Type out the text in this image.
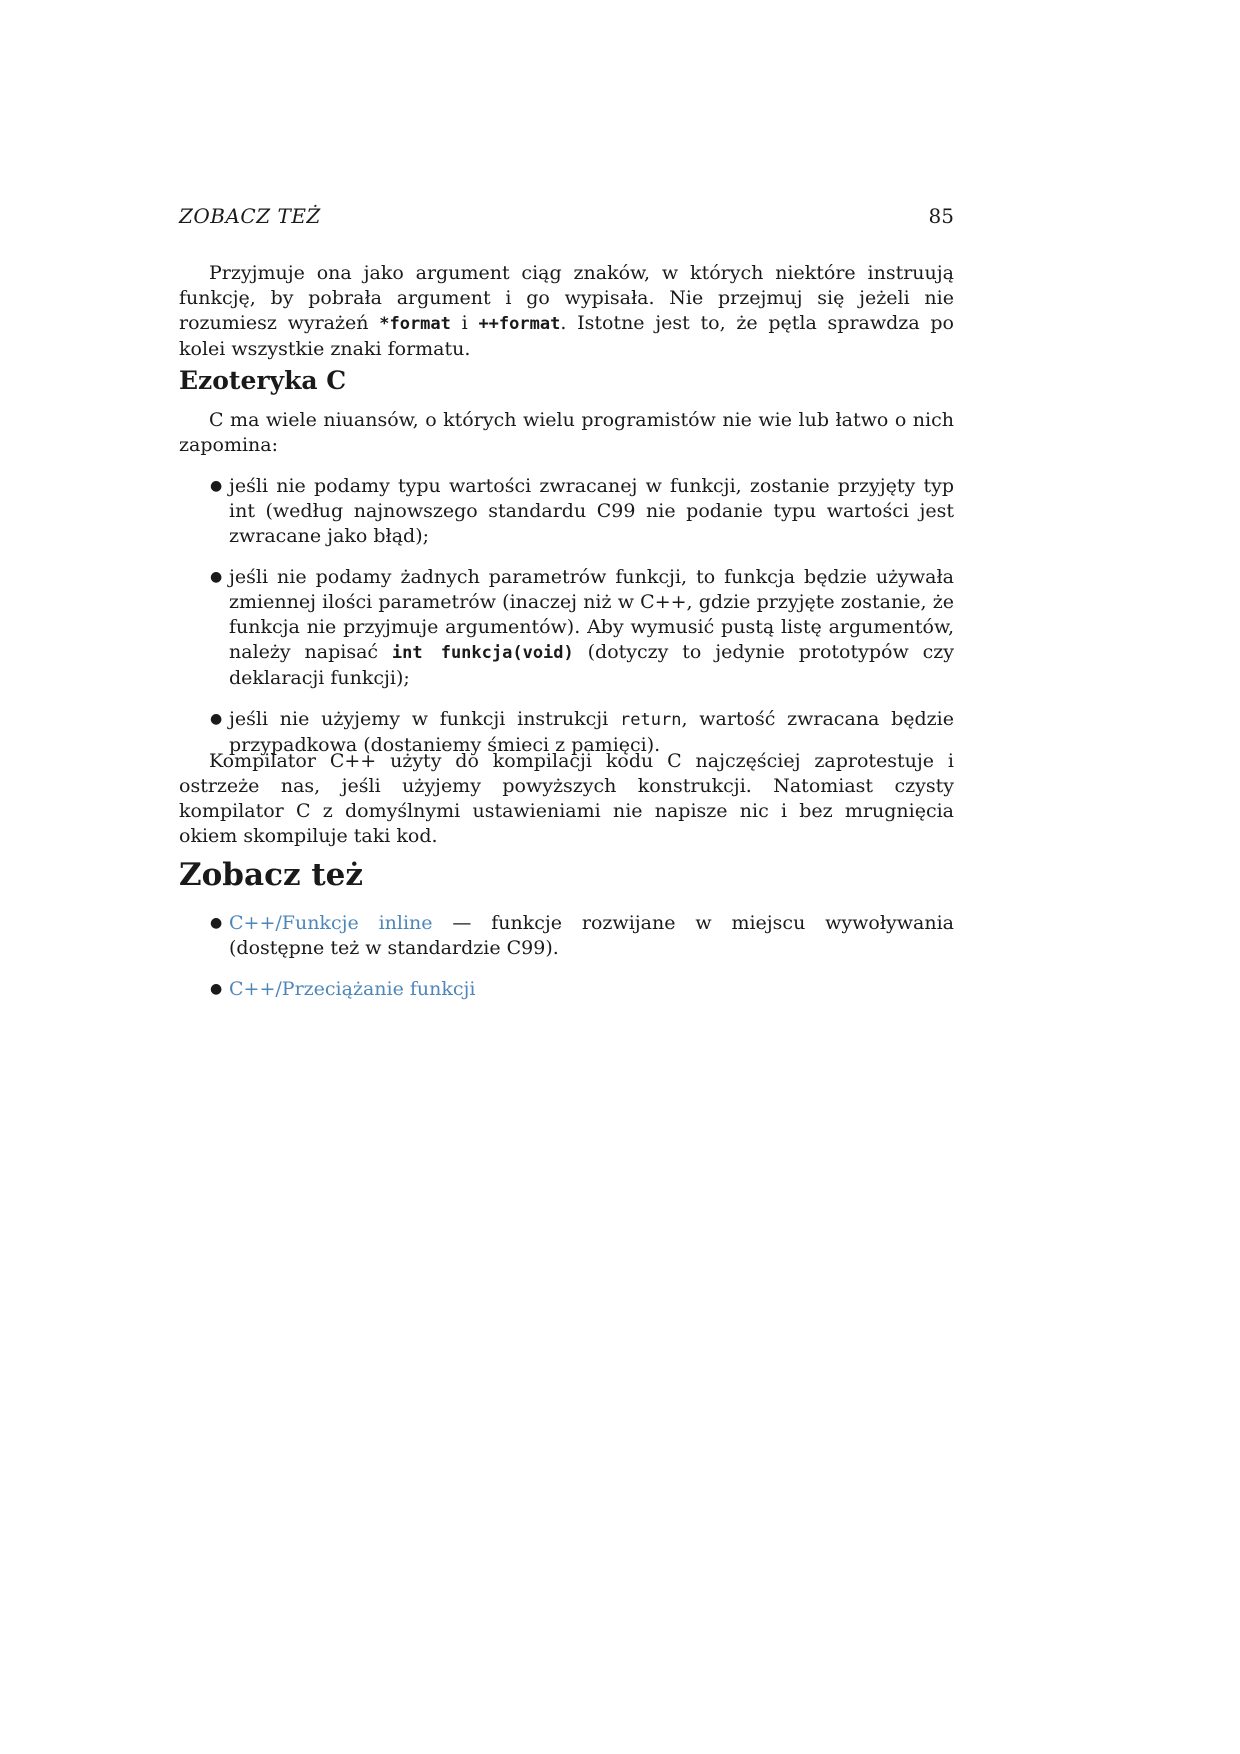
ZOBACZ TEŻ	85

Przyjmuje ona jako argument ciąg znaków, w których niektóre instruują funkcję, by pobrała argument i go wypisała. Nie przejmuj się jeżeli nie rozumiesz wyrażeń *format i ++format. Istotne jest to, że pętla sprawdza po kolei wszystkie znaki formatu.

Ezoteryka C

C ma wiele niuansów, o których wielu programistów nie wie lub łatwo o nich zapomina:

● jeśli nie podamy typu wartości zwracanej w funkcji, zostanie przyjęty typ int (według najnowszego standardu C99 nie podanie typu wartości jest zwracane jako błąd);
● jeśli nie podamy żadnych parametrów funkcji, to funkcja będzie używała zmiennej ilości parametrów (inaczej niż w C++, gdzie przyjęte zostanie, że funkcja nie przyjmuje argumentów). Aby wymusić pustą listę argumentów, należy napisać int funkcja(void) (dotyczy to jedynie prototypów czy deklaracji funkcji);
● jeśli nie użyjemy w funkcji instrukcji return, wartość zwracana będzie przypadkowa (dostaniemy śmieci z pamięci).

Kompilator C++ użyty do kompilacji kodu C najczęściej zaprotestuje i ostrzeże nas, jeśli użyjemy powyższych konstrukcji. Natomiast czysty kompilator C z domyślnymi ustawieniami nie napisze nic i bez mrugnięcia okiem skompiluje taki kod.

Zobacz też
● C++/Funkcje inline — funkcje rozwijane w miejscu wywoływania (dostępne też w standardzie C99).
● C++/Przeciążanie funkcji
